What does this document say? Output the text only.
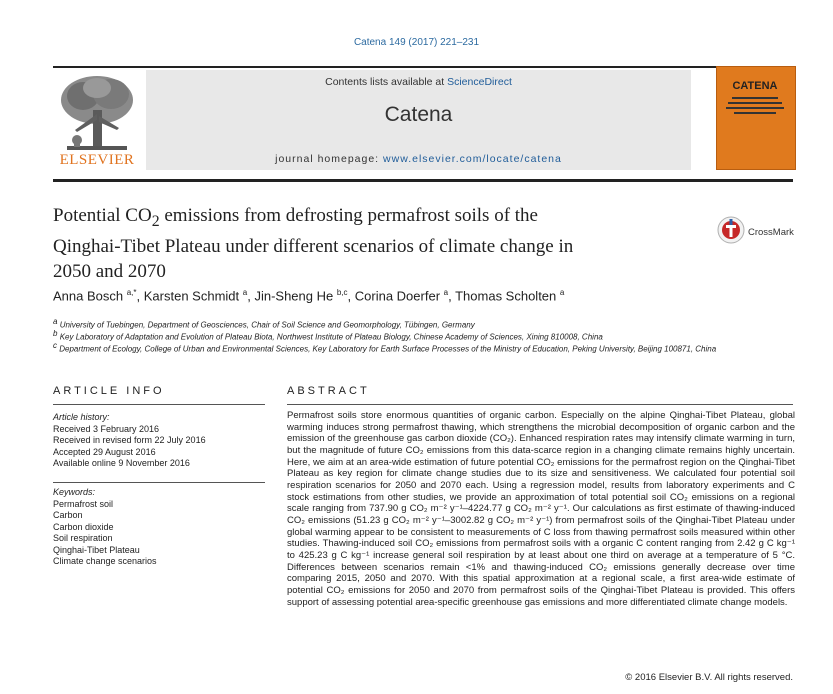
Catena 149 (2017) 221–231
ELSEVIER
Contents lists available at ScienceDirect
Catena
journal homepage: www.elsevier.com/locate/catena
CATENA
Potential $CO_2$ emissions from defrosting permafrost soils of the
Qinghai-Tibet Plateau under different scenarios of climate change in
2050 and 2070
CrossMark
Anna Bosch $^{a,*}$, Karsten Schmidt $^a$, Jin-Sheng He $^{b,c}$, Corina Doerfer $^a$, Thomas Scholten $^a$
$^a$ University of Tuebingen, Department of Geosciences, Chair of Soil Science and Geomorphology, Tübingen, Germany
$^b$ Key Laboratory of Adaptation and Evolution of Plateau Biota, Northwest Institute of Plateau Biology, Chinese Academy of Sciences, Xining 810008, China
$^c$ Department of Ecology, College of Urban and Environmental Sciences, Key Laboratory for Earth Surface Processes of the Ministry of Education, Peking University, Beijing 100871, China
ARTICLE INFO
Article history:
Received 3 February 2016
Received in revised form 22 July 2016
Accepted 29 August 2016
Available online 9 November 2016
Keywords:
Permafrost soil
Carbon
Carbon dioxide
Soil respiration
Qinghai-Tibet Plateau
Climate change scenarios
ABSTRACT
Permafrost soils store enormous quantities of organic carbon. Especially on the alpine Qinghai-Tibet Plateau, global warming induces strong permafrost thawing, which strengthens the microbial decomposition of organic carbon and the emission of the greenhouse gas carbon dioxide (CO₂). Enhanced respiration rates may intensify climate warming in turn, but the magnitude of future CO₂ emissions from this data-scarce region in a changing climate remains highly uncertain. Here, we aim at an area-wide estimation of future potential CO₂ emissions for the permafrost region on the Qinghai-Tibet Plateau as key region for climate change studies due to its size and sensitiveness. We calculated four potential soil respiration scenarios for 2050 and 2070 each. Using a regression model, results from laboratory experiments and C stock estimations from other studies, we provide an approximation of total potential soil CO₂ emissions on a regional scale ranging from 737.90 g CO₂ m⁻² y⁻¹–4224.77 g CO₂ m⁻² y⁻¹. Our calculations as first estimate of thawing-induced CO₂ emissions (51.23 g CO₂ m⁻² y⁻¹–3002.82 g CO₂ m⁻² y⁻¹) from permafrost soils of the Qinghai-Tibet Plateau under global warming appear to be consistent to measurements of C loss from thawing permafrost soils measured within other studies. Thawing-induced soil CO₂ emissions from permafrost soils with a organic C content ranging from 2.42 g C kg⁻¹ to 425.23 g C kg⁻¹ increase general soil respiration by at least about one third on average at a temperature of 5 °C. Differences between scenarios remain <1% and thawing-induced CO₂ emissions generally decrease over time comparing 2015, 2050 and 2070. With this spatial approximation at a regional scale, a first area-wide estimate of potential CO₂ emissions for 2050 and 2070 from permafrost soils of the Qinghai-Tibet Plateau is provided. This offers support of assessing potential area-specific greenhouse gas emissions and more differentiated climate change models.
© 2016 Elsevier B.V. All rights reserved.
